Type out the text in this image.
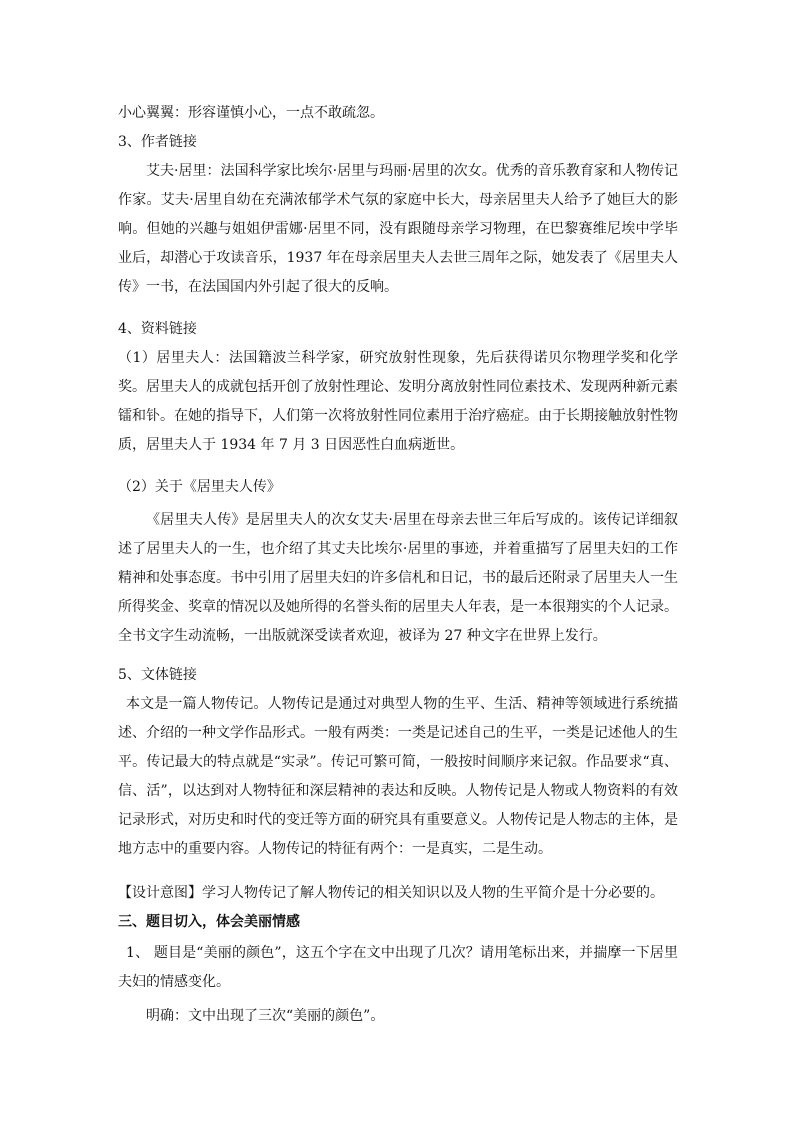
小心翼翼：形容谨慎小心，一点不敢疏忽。

3、作者链接

艾夫·居里：法国科学家比埃尔·居里与玛丽·居里的次女。优秀的音乐教育家和人物传记作家。艾夫·居里自幼在充满浓郁学术气氛的家庭中长大，母亲居里夫人给予了她巨大的影响。但她的兴趣与姐姐伊雷娜·居里不同，没有跟随母亲学习物理，在巴黎赛维尼埃中学毕业后，却潜心于攻读音乐，1937 年在母亲居里夫人去世三周年之际，她发表了《居里夫人传》一书，在法国国内外引起了很大的反响。

4、资料链接

（1）居里夫人：法国籍波兰科学家，研究放射性现象，先后获得诺贝尔物理学奖和化学奖。居里夫人的成就包括开创了放射性理论、发明分离放射性同位素技术、发现两种新元素镭和钋。在她的指导下，人们第一次将放射性同位素用于治疗癌症。由于长期接触放射性物质，居里夫人于 1934 年 7 月 3 日因恶性白血病逝世。

（2）关于《居里夫人传》

《居里夫人传》是居里夫人的次女艾夫·居里在母亲去世三年后写成的。该传记详细叙述了居里夫人的一生，也介绍了其丈夫比埃尔·居里的事迹，并着重描写了居里夫妇的工作精神和处事态度。书中引用了居里夫妇的许多信札和日记，书的最后还附录了居里夫人一生所得奖金、奖章的情况以及她所得的名誉头衔的居里夫人年表，是一本很翔实的个人记录。全书文字生动流畅，一出版就深受读者欢迎，被译为 27 种文字在世界上发行。

5、文体链接

本文是一篇人物传记。人物传记是通过对典型人物的生平、生活、精神等领域进行系统描述、介绍的一种文学作品形式。一般有两类：一类是记述自己的生平，一类是记述他人的生平。传记最大的特点就是“实录”。传记可繁可简，一般按时间顺序来记叙。作品要求“真、信、活”，以达到对人物特征和深层精神的表达和反映。人物传记是人物或人物资料的有效记录形式，对历史和时代的变迁等方面的研究具有重要意义。人物传记是人物志的主体，是地方志中的重要内容。人物传记的特征有两个：一是真实，二是生动。

【设计意图】学习人物传记了解人物传记的相关知识以及人物的生平简介是十分必要的。

三、题目切入，体会美丽情感

1、 题目是“美丽的颜色”，这五个字在文中出现了几次？请用笔标出来，并揣摩一下居里夫妇的情感变化。

明确：文中出现了三次“美丽的颜色”。
